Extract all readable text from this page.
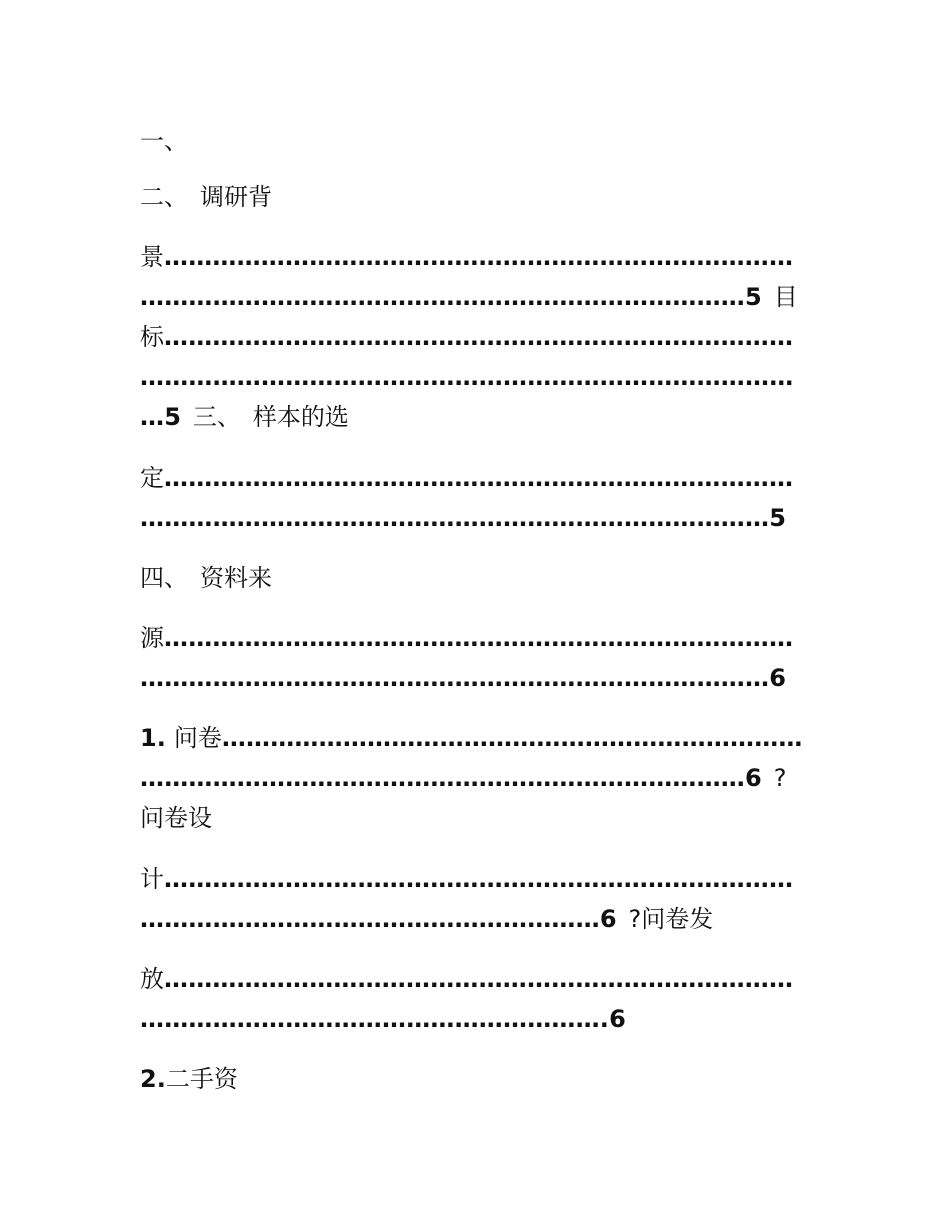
一、
二、 调研背
景……………………………………………………………………
…………………………………………………………………5 目
标……………………………………………………………………
………………………………………………………………………
…5 三、 样本的选
定……………………………………………………………………
……………………………………………………………………5
四、 资料来
源……………………………………………………………………
……………………………………………………………………6
1. 问卷………………………………………………………………
…………………………………………………………………6 ?
问卷设
计……………………………………………………………………
…………………………………………………6 ?问卷发
放……………………………………………………………………
………………………………………………….6
2.二手资
